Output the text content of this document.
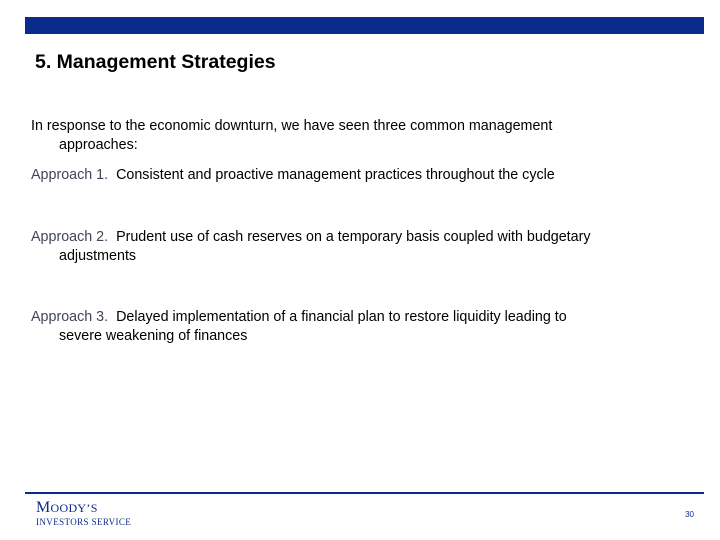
5. Management Strategies
In response to the economic downturn, we have seen three common management
approaches:
Approach 1. Consistent and proactive management practices throughout the cycle
Approach 2. Prudent use of cash reserves on a temporary basis coupled with budgetary
adjustments
Approach 3. Delayed implementation of a financial plan to restore liquidity leading to
severe weakening of finances
MOODY’S
INVESTORS SERVICE
30
